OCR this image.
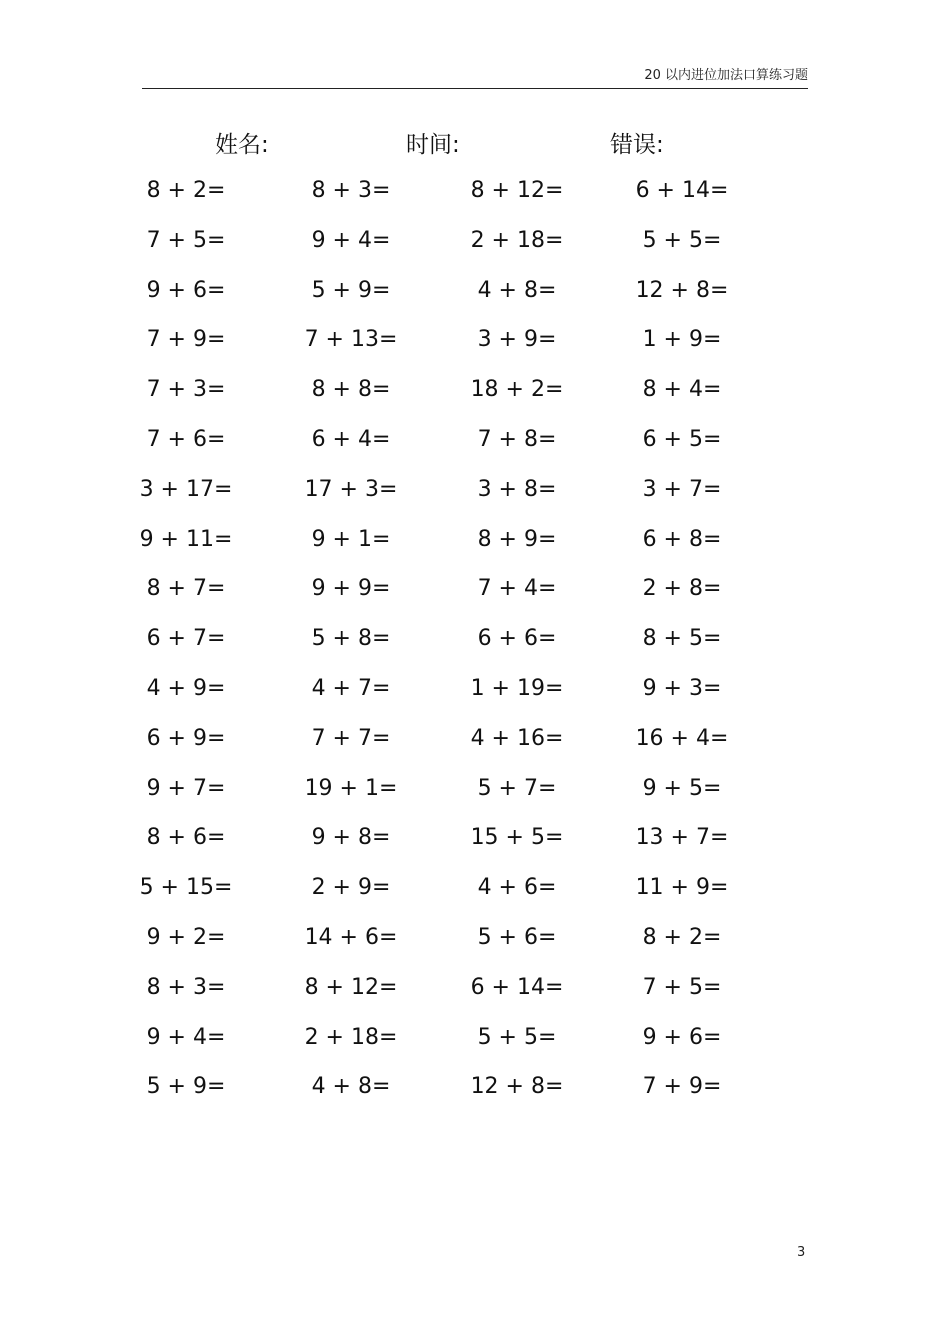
20 以内进位加法口算练习题
姓名:	时间:	错误:
8 + 2=	8 + 3=	8 + 12=	6 + 14=
7 + 5=	9 + 4=	2 + 18=	5 + 5=
9 + 6=	5 + 9=	4 + 8=	12 + 8=
7 + 9=	7 + 13=	3 + 9=	1 + 9=
7 + 3=	8 + 8=	18 + 2=	8 + 4=
7 + 6=	6 + 4=	7 + 8=	6 + 5=
3 + 17=	17 + 3=	3 + 8=	3 + 7=
9 + 11=	9 + 1=	8 + 9=	6 + 8=
8 + 7=	9 + 9=	7 + 4=	2 + 8=
6 + 7=	5 + 8=	6 + 6=	8 + 5=
4 + 9=	4 + 7=	1 + 19=	9 + 3=
6 + 9=	7 + 7=	4 + 16=	16 + 4=
9 + 7=	19 + 1=	5 + 7=	9 + 5=
8 + 6=	9 + 8=	15 + 5=	13 + 7=
5 + 15=	2 + 9=	4 + 6=	11 + 9=
9 + 2=	14 + 6=	5 + 6=	8 + 2=
8 + 3=	8 + 12=	6 + 14=	7 + 5=
9 + 4=	2 + 18=	5 + 5=	9 + 6=
5 + 9=	4 + 8=	12 + 8=	7 + 9=
3
